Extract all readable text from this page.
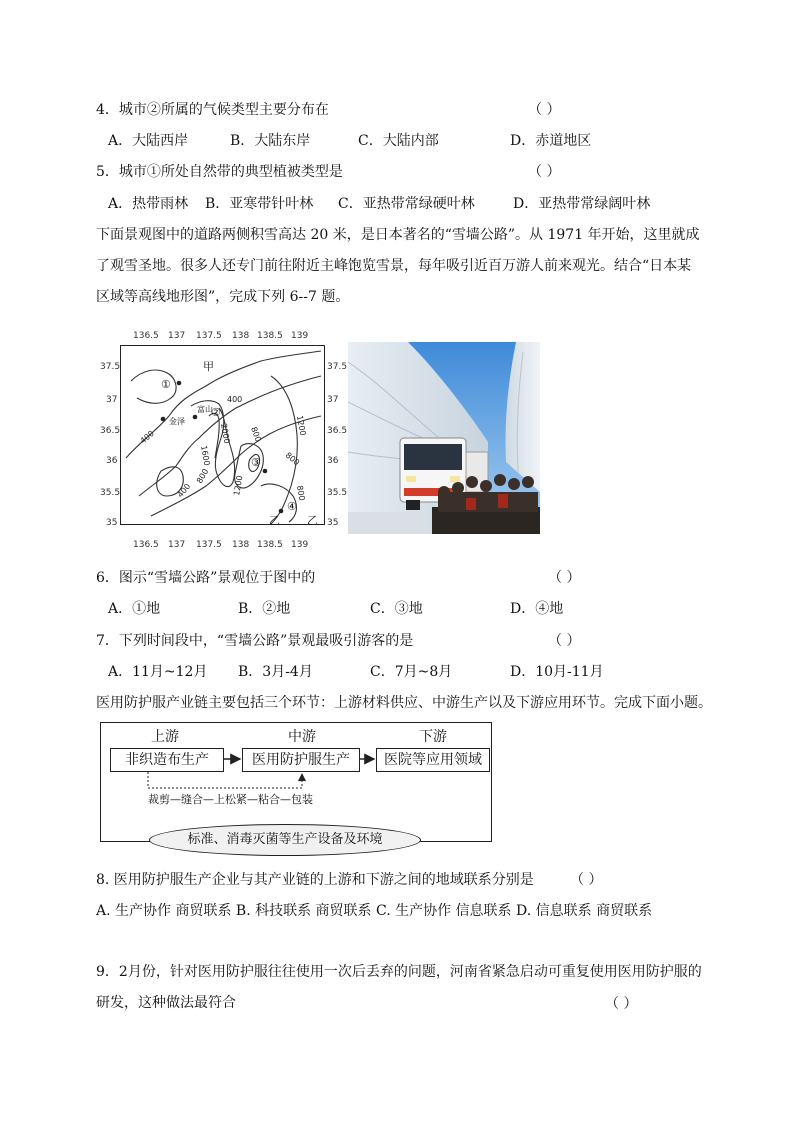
4．城市②所属的气候类型主要分布在	（ ）
A．大陆西岸	B．大陆东岸	C．大陆内部	D．赤道地区
5．城市①所处自然带的典型植被类型是	（ ）
A．热带雨林 B．亚寒带针叶林 C．亚热带常绿硬叶林	D．亚热带常绿阔叶林
下面景观图中的道路两侧积雪高达 20 米，是日本著名的“雪墙公路”。从 1971 年开始，这里就成了观雪圣地。很多人还专门前往附近主峰饱览雪景，每年吸引近百万游人前来观光。结合“日本某区域等高线地形图”，完成下列 6--7 题。
136.5 137 137.5 138 138.5 139
37.5
37
36.5
36
35.5
35
37.5
37
36.5
36
35.5
35
136.5 137 137.5 138 138.5 139
400
400
400
1200
1600
2000 800
800
1200
800
800
甲
①
②
③
④
金泽
富山
乙 乙
6．图示“雪墙公路”景观位于图中的	（ ）
A．①地	B．②地	C．③地	D．④地
7．下列时间段中，“雪墙公路”景观最吸引游客的是	（ ）
A．11月~12月 B．3月-4月	C．7月~8月	D．10月-11月
医用防护服产业链主要包括三个环节：上游材料供应、中游生产以及下游应用环节。完成下面小题。
上游	中游	下游
非织造布生产	医用防护服生产	医院等应用领域
裁剪—缝合—上松紧—粘合—包装
标准、消毒灭菌等生产设备及环境
8. 医用防护服生产企业与其产业链的上游和下游之间的地域联系分别是	（ ）
A. 生产协作 商贸联系 B. 科技联系 商贸联系 C. 生产协作 信息联系 D. 信息联系 商贸联系
9．2月份，针对医用防护服往往使用一次后丢弃的问题，河南省紧急启动可重复使用医用防护服的研发，这种做法最符合	（ ）
